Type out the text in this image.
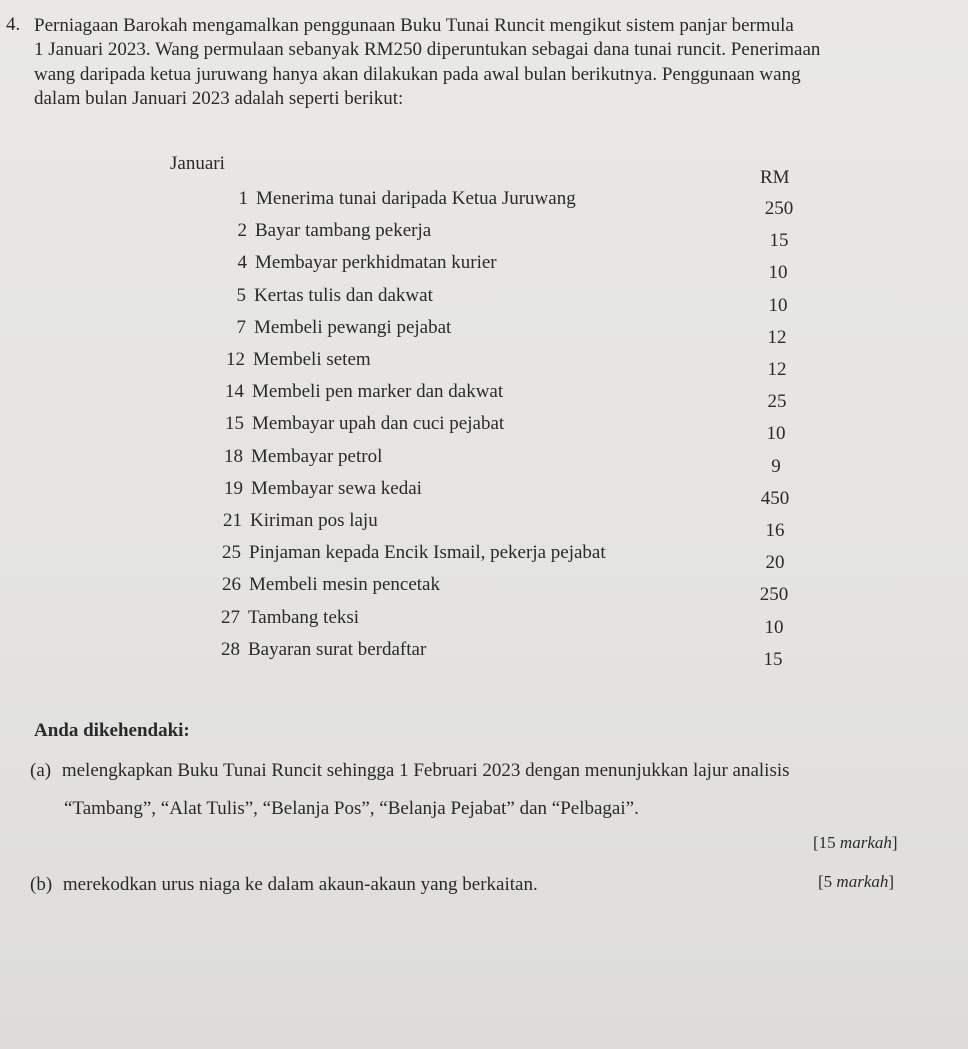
4. Perniagaan Barokah mengamalkan penggunaan Buku Tunai Runcit mengikut sistem panjar bermula
1 Januari 2023. Wang permulaan sebanyak RM250 diperuntukan sebagai dana tunai runcit. Penerimaan
wang daripada ketua juruwang hanya akan dilakukan pada awal bulan berikutnya. Penggunaan wang
dalam bulan Januari 2023 adalah seperti berikut:
Januari
RM
1 Menerima tunai daripada Ketua Juruwang	250
2 Bayar tambang pekerja	15
4 Membayar perkhidmatan kurier	10
5 Kertas tulis dan dakwat	10
7 Membeli pewangi pejabat	12
12 Membeli setem	12
14 Membeli pen marker dan dakwat	25
15 Membayar upah dan cuci pejabat	10
18 Membayar petrol	9
19 Membayar sewa kedai	450
21 Kiriman pos laju	16
25 Pinjaman kepada Encik Ismail, pekerja pejabat	20
26 Membeli mesin pencetak	250
27 Tambang teksi	10
28 Bayaran surat berdaftar	15
Anda dikehendaki:
(a) melengkapkan Buku Tunai Runcit sehingga 1 Februari 2023 dengan menunjukkan lajur analisis
“Tambang”, “Alat Tulis”, “Belanja Pos”, “Belanja Pejabat” dan “Pelbagai”.
[15 markah]
(b) merekodkan urus niaga ke dalam akaun-akaun yang berkaitan.	[5 markah]
